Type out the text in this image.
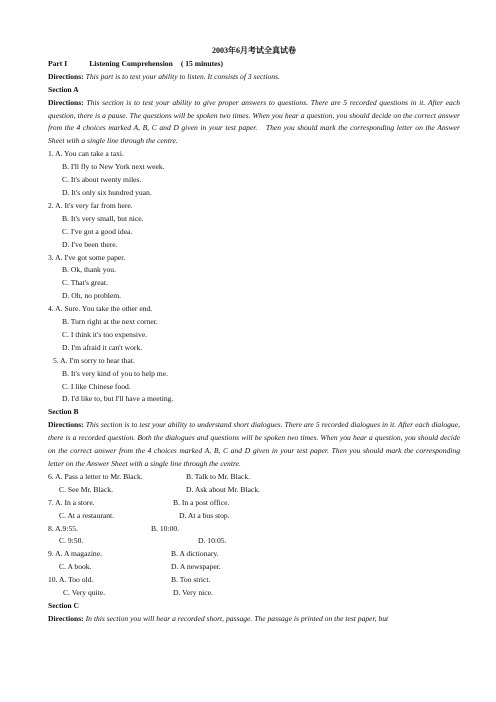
2003年6月考试全真试卷
Part I	Listening Comprehension ( 15 minutes)
Directions: This part is to test your ability to listen. It consists of 3 sections.
Section A
Directions: This section is to test your ability to give proper answers to questions. There are 5 recorded questions in it. After each question, there is a pause. The questions will be spoken two times. When you hear a question, you should decide on the correct answer from the 4 choices marked A, B, C and D given in your test paper. Then you should mark the corresponding letter on the Answer Sheet with a single line through the centre.
1. A. You can take a taxi.
B. I'll fly to New York next week.
C. It's about twenty miles.
D. It's only six hundred yuan.
2. A. It's very far from here.
B. It's very small, but nice.
C. I've got a good idea.
D. I've been there.
3. A. I've got some paper.
B. Ok, thank you.
C. That's great.
D. Oh, no problem.
4. A. Sure. You take the other end.
B. Turn right at the next corner.
C. I think it's too expensive.
D. I'm afraid it can't work.
5. A. I'm sorry to hear that.
B. It's very kind of you to help me.
C. I like Chinese food.
D. I'd like to, but I'll have a meeting.
Section B
Directions: This section is to test your ability to understand short dialogues. There are 5 recorded dialogues in it. After each dialogue, there is a recorded question. Both the dialogues and questions will be spoken two times. When you hear a question, you should decide on the correct answer from the 4 choices marked A, B, C and D given in your test paper. Then you should mark the corresponding letter on the Answer Sheet with a single line through the centre.
6. A. Pass a letter to Mr. Black.	B. Talk to Mr. Black.
C. See Mr. Black.	D. Ask about Mr. Black.
7. A. In a store.	B. In a post office.
C. At a restaurant.	D. At a bus stop.
8. A.9:55.	B. 10:00.
C. 9:50.	D. 10:05.
9. A. A magazine.	B. A dictionary.
C. A book.	D. A newspaper.
10. A. Too old.	B. Too strict.
C. Very quite.	D. Very nice.
Section C
Directions: In this section you will hear a recorded short, passage. The passage is printed on the test paper, but
